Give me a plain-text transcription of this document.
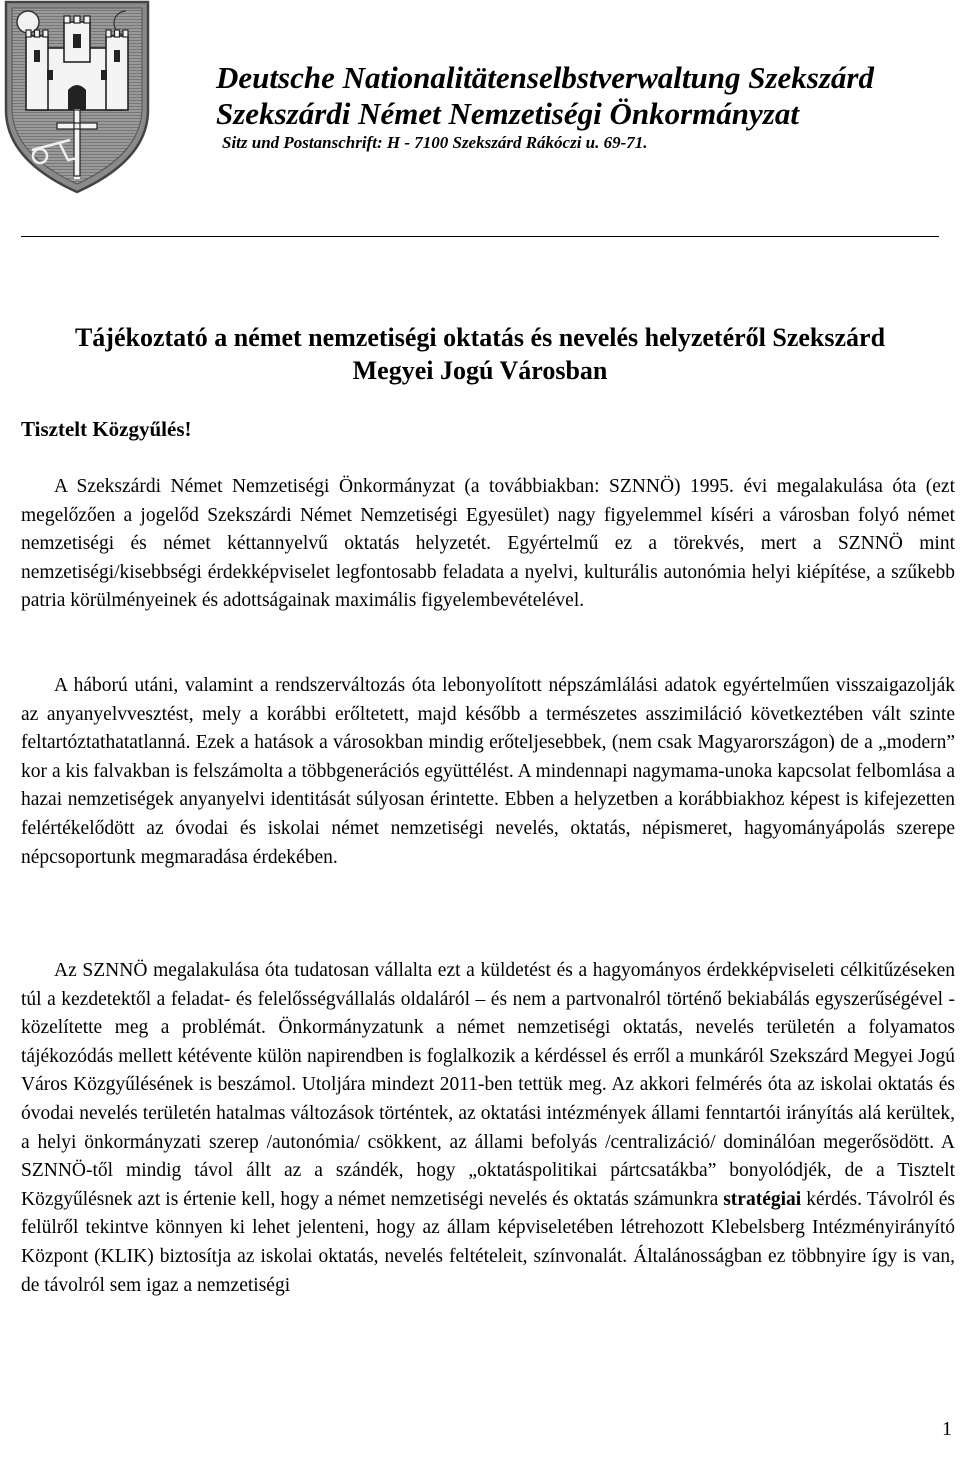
Deutsche Nationalitätenselbstverwaltung Szekszárd
Szekszárdi Német Nemzetiségi Önkormányzat
Sitz und Postanschrift: H - 7100 Szekszárd Rákóczi u. 69-71.
Tájékoztató a német nemzetiségi oktatás és nevelés helyzetéről Szekszárd
Megyei Jogú Városban
Tisztelt Közgyűlés!

A Szekszárdi Német Nemzetiségi Önkormányzat (a továbbiakban: SZNNÖ) 1995. évi megalakulása óta (ezt megelőzően a jogelőd Szekszárdi Német Nemzetiségi Egyesület) nagy figyelemmel kíséri a városban folyó német nemzetiségi és német kéttannyelvű oktatás helyzetét. Egyértelmű ez a törekvés, mert a SZNNÖ mint nemzetiségi/kisebbségi érdekképviselet legfontosabb feladata a nyelvi, kulturális autonómia helyi kiépítése, a szűkebb patria körülményeinek és adottságainak maximális figyelembevételével.

A háború utáni, valamint a rendszerváltozás óta lebonyolított népszámlálási adatok egyértelműen visszaigazolják az anyanyelvvesztést, mely a korábbi erőltetett, majd később a természetes asszimiláció következtében vált szinte feltartóztathatatlanná. Ezek a hatások a városokban mindig erőteljesebbek, (nem csak Magyarországon) de a „modern” kor a kis falvakban is felszámolta a többgenerációs együttélést. A mindennapi nagymama-unoka kapcsolat felbomlása a hazai nemzetiségek anyanyelvi identitását súlyosan érintette. Ebben a helyzetben a korábbiakhoz képest is kifejezetten felértékelődött az óvodai és iskolai német nemzetiségi nevelés, oktatás, népismeret, hagyományápolás szerepe népcsoportunk megmaradása érdekében.

Az SZNNÖ megalakulása óta tudatosan vállalta ezt a küldetést és a hagyományos érdekképviseleti célkitűzéseken túl a kezdetektől a feladat- és felelősségvállalás oldaláról – és nem a partvonalról történő bekiabálás egyszerűségével - közelítette meg a problémát. Önkormányzatunk a német nemzetiségi oktatás, nevelés területén a folyamatos tájékozódás mellett kétévente külön napirendben is foglalkozik a kérdéssel és erről a munkáról Szekszárd Megyei Jogú Város Közgyűlésének is beszámol. Utoljára mindezt 2011-ben tettük meg. Az akkori felmérés óta az iskolai oktatás és óvodai nevelés területén hatalmas változások történtek, az oktatási intézmények állami fenntartói irányítás alá kerültek, a helyi önkormányzati szerep /autonómia/ csökkent, az állami befolyás /centralizáció/ dominálóan megerősödött. A SZNNÖ-től mindig távol állt az a szándék, hogy „oktatáspolitikai pártcsatákba” bonyolódjék, de a Tisztelt Közgyűlésnek azt is értenie kell, hogy a német nemzetiségi nevelés és oktatás számunkra stratégiai kérdés. Távolról és felülről tekintve könnyen ki lehet jelenteni, hogy az állam képviseletében létrehozott Klebelsberg Intézményirányító Központ (KLIK) biztosítja az iskolai oktatás, nevelés feltételeit, színvonalát. Általánosságban ez többnyire így is van, de távolról sem igaz a nemzetiségi

1
